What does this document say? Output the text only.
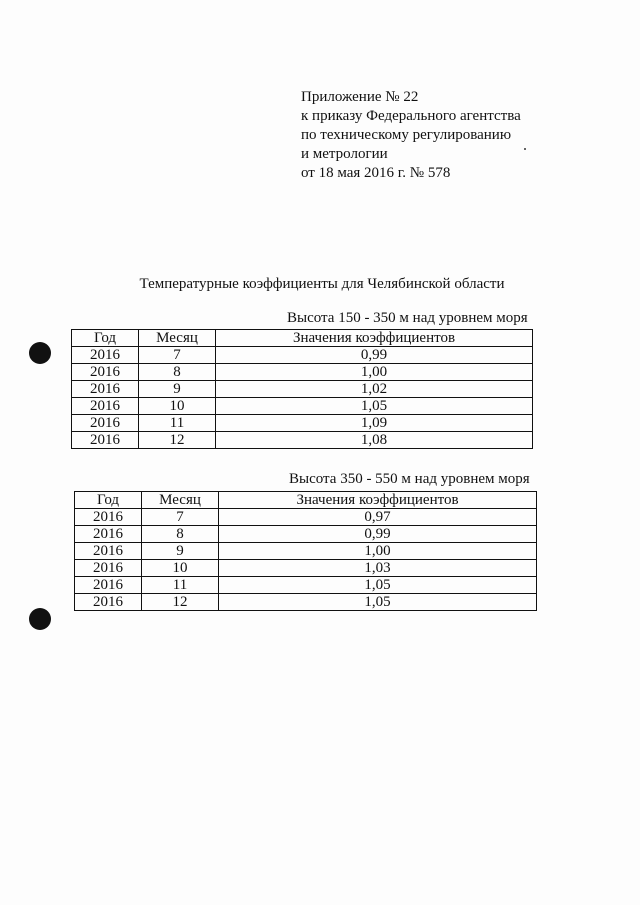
Приложение № 22
к приказу Федерального агентства
по техническому регулированию
и метрологии
от 18 мая 2016 г. № 578
Температурные коэффициенты для Челябинской области
Высота 150 - 350 м над уровнем моря
Год	Месяц	Значения коэффициентов
2016	7	0,99
2016	8	1,00
2016	9	1,02
2016	10	1,05
2016	11	1,09
2016	12	1,08
Высота 350 - 550 м над уровнем моря
Год	Месяц	Значения коэффициентов
2016	7	0,97
2016	8	0,99
2016	9	1,00
2016	10	1,03
2016	11	1,05
2016	12	1,05
